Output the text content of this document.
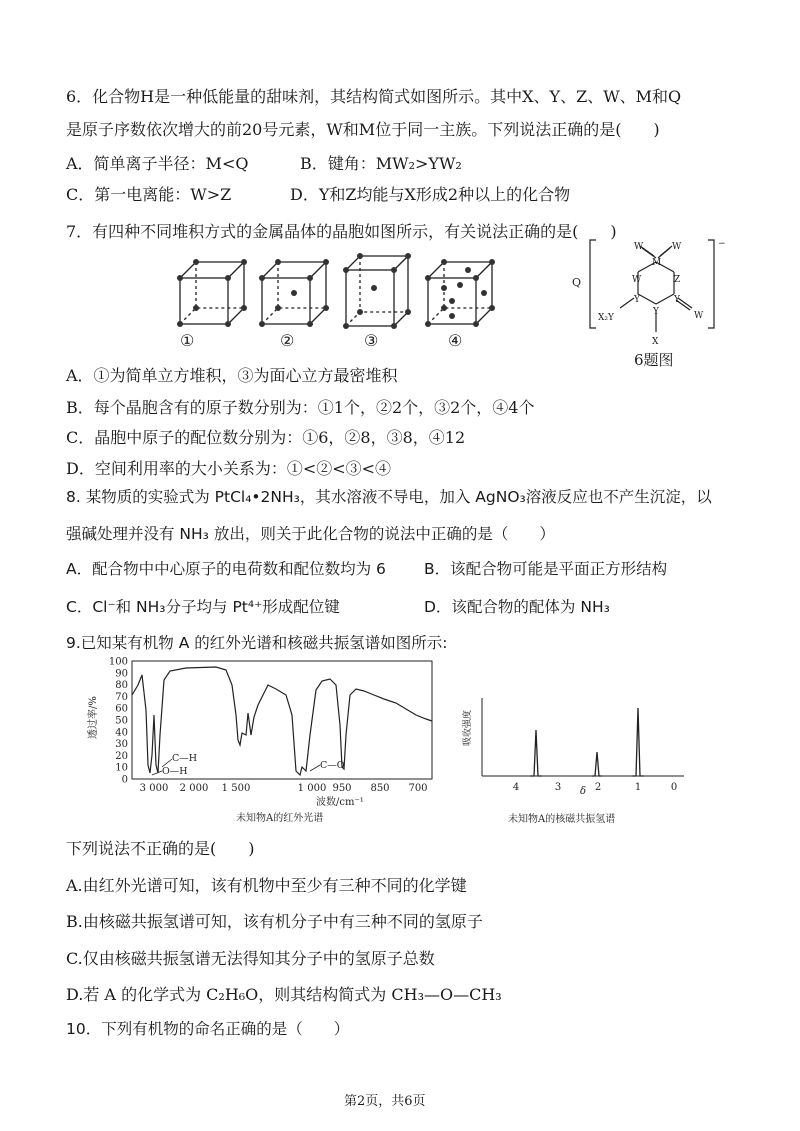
6．化合物H是一种低能量的甜味剂，其结构简式如图所示。其中X、Y、Z、W、M和Q
是原子序数依次增大的前20号元素，W和M位于同一主族。下列说法正确的是(　　)
A．简单离子半径：M<Q	B．键角：MW₂>YW₂
C．第一电离能：W>Z	D．Y和Z均能与X形成2种以上的化合物
7．有四种不同堆积方式的金属晶体的晶胞如图所示，有关说法正确的是(　　)
①	②	③	④
M
W	W
W	Z
Y	Y
Y
X₂Y	W
X
−
Q
6题图
A．①为简单立方堆积，③为面心立方最密堆积
B．每个晶胞含有的原子数分别为：①1个，②2个，③2个，④4个
C．晶胞中原子的配位数分别为：①6，②8，③8，④12
D．空间利用率的大小关系为：①<②<③<④
8. 某物质的实验式为 PtCl₄•2NH₃，其水溶液不导电，加入 AgNO₃溶液反应也不产生沉淀，以
强碱处理并没有 NH₃ 放出，则关于此化合物的说法中正确的是（　　）
A．配合物中中心原子的电荷数和配位数均为 6 B．该配合物可能是平面正方形结构
C．Cl⁻和 NH₃分子均与 Pt⁴⁺形成配位键	D．该配合物的配体为 NH₃
9.已知某有机物 A 的红外光谱和核磁共振氢谱如图所示:
100
90
80
70
60
50
40
30
20
10
0
3 000 2 000 1 500	1 000 950 850 700
C—H
O—H
C—O
透过率/%
波数/cm⁻¹
未知物A的红外光谱
4	3	2	1	0
吸收强度
δ
未知物A的核磁共振氢谱
下列说法不正确的是(　　)
A.由红外光谱可知，该有机物中至少有三种不同的化学键
B.由核磁共振氢谱可知，该有机分子中有三种不同的氢原子
C.仅由核磁共振氢谱无法得知其分子中的氢原子总数
D.若 A 的化学式为 C₂H₆O，则其结构简式为 CH₃—O—CH₃
10．下列有机物的命名正确的是（　　）
第2页，共6页
